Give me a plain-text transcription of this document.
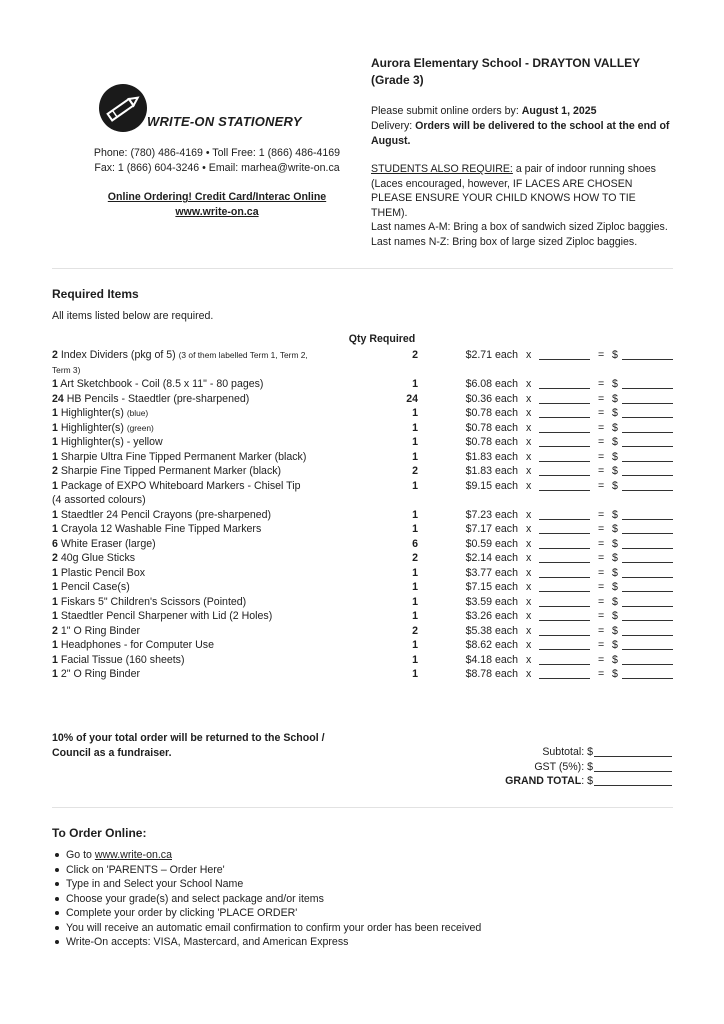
WRITE-ON STATIONERY
Phone: (780) 486-4169 • Toll Free: 1 (866) 486-4169
Fax: 1 (866) 604-3246 • Email: marhea@write-on.ca
Online Ordering! Credit Card/Interac Online
www.write-on.ca
Aurora Elementary School - DRAYTON VALLEY (Grade 3)
Please submit online orders by: August 1, 2025
Delivery: Orders will be delivered to the school at the end of August.
STUDENTS ALSO REQUIRE: a pair of indoor running shoes (Laces encouraged, however, IF LACES ARE CHOSEN PLEASE ENSURE YOUR CHILD KNOWS HOW TO TIE THEM).
Last names A-M: Bring a box of sandwich sized Ziploc baggies.
Last names N-Z: Bring box of large sized Ziploc baggies.
Required Items
All items listed below are required.
Qty Required
2 Index Dividers (pkg of 5) (3 of them labelled Term 1, Term 2, Term 3)
2	$2.71 each x	= $
1 Art Sketchbook - Coil (8.5 x 11" - 80 pages)	1	$6.08 each x	= $
24 HB Pencils - Staedtler (pre-sharpened)	24	$0.36 each x	= $
1 Highlighter(s) (blue)	1	$0.78 each x	= $
1 Highlighter(s) (green)	1	$0.78 each x	= $
1 Highlighter(s) - yellow	1	$0.78 each x	= $
1 Sharpie Ultra Fine Tipped Permanent Marker (black)	1	$1.83 each x	= $
2 Sharpie Fine Tipped Permanent Marker (black)	2	$1.83 each x	= $
1 Package of EXPO Whiteboard Markers - Chisel Tip (4 assorted colours)
1	$9.15 each x	= $
1 Staedtler 24 Pencil Crayons (pre-sharpened)	1	$7.23 each x	= $
1 Crayola 12 Washable Fine Tipped Markers	1	$7.17 each x	= $
6 White Eraser (large)	6	$0.59 each x	= $
2 40g Glue Sticks	2	$2.14 each x	= $
1 Plastic Pencil Box	1	$3.77 each x	= $
1 Pencil Case(s)	1	$7.15 each x	= $
1 Fiskars 5" Children's Scissors (Pointed)	1	$3.59 each x	= $
1 Staedtler Pencil Sharpener with Lid (2 Holes)	1	$3.26 each x	= $
2 1" O Ring Binder	2	$5.38 each x	= $
1 Headphones - for Computer Use	1	$8.62 each x	= $
1 Facial Tissue (160 sheets)	1	$4.18 each x	= $
1 2" O Ring Binder	1	$8.78 each x	= $
10% of your total order will be returned to the School / Council as a fundraiser.	Subtotal: $
GST (5%): $
GRAND TOTAL: $
To Order Online:
Go to www.write-on.ca
Click on 'PARENTS – Order Here'
Type in and Select your School Name
Choose your grade(s) and select package and/or items
Complete your order by clicking 'PLACE ORDER'
You will receive an automatic email confirmation to confirm your order has been received
Write-On accepts: VISA, Mastercard, and American Express
